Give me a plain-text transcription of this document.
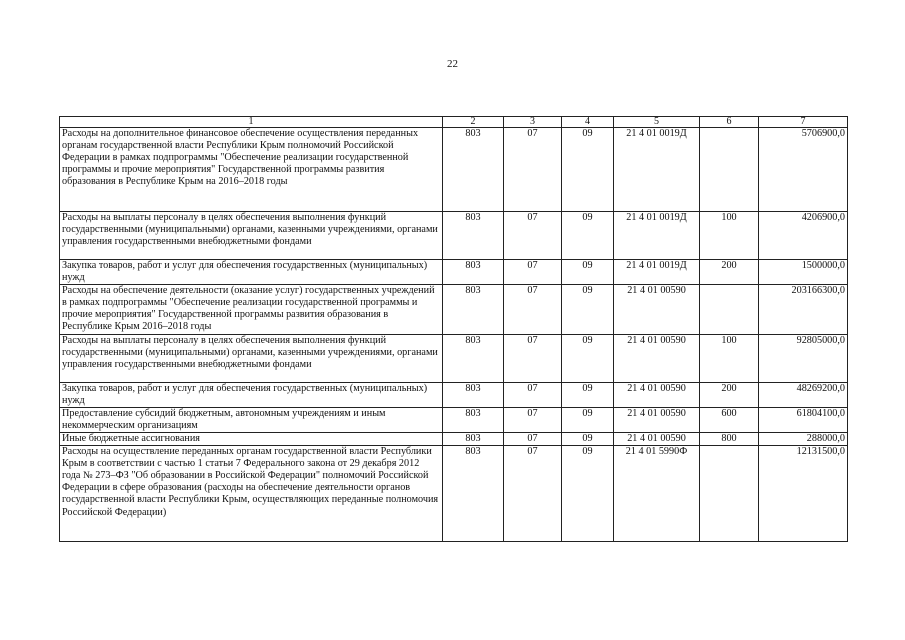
22
1	2	3	4	5	6	7
Расходы на дополнительное финансовое обеспечение осуществления переданных органам государственной власти Республики Крым полномочий Российской Федерации в рамках подпрограммы "Обеспечение реализации государственной программы и прочие мероприятия" Государственной программы развития образования в Республике Крым на 2016–2018 годы	803	07	09	21 4 01 0019Д		5706900,0
Расходы на выплаты персоналу в целях обеспечения выполнения функций государственными (муниципальными) органами, казенными учреждениями, органами управления государственными внебюджетными фондами	803	07	09	21 4 01 0019Д	100	4206900,0
Закупка товаров, работ и услуг для обеспечения государственных (муниципальных) нужд	803	07	09	21 4 01 0019Д	200	1500000,0
Расходы на обеспечение деятельности (оказание услуг) государственных учреждений в рамках подпрограммы "Обеспечение реализации государственной программы и прочие мероприятия" Государственной программы развития образования в Республике Крым 2016–2018 годы	803	07	09	21 4 01 00590		203166300,0
Расходы на выплаты персоналу в целях обеспечения выполнения функций государственными (муниципальными) органами, казенными учреждениями, органами управления государственными внебюджетными фондами	803	07	09	21 4 01 00590	100	92805000,0
Закупка товаров, работ и услуг для обеспечения государственных (муниципальных) нужд	803	07	09	21 4 01 00590	200	48269200,0
Предоставление субсидий бюджетным, автономным учреждениям и иным некоммерческим организациям	803	07	09	21 4 01 00590	600	61804100,0
Иные бюджетные ассигнования	803	07	09	21 4 01 00590	800	288000,0
Расходы на осуществление переданных органам государственной власти Республики Крым в соответствии с частью 1 статьи 7 Федерального закона от 29 декабря 2012 года № 273–ФЗ "Об образовании в Российской Федерации" полномочий Российской Федерации в сфере образования (расходы на обеспечение деятельности органов государственной власти Республики Крым, осуществляющих переданные полномочия Российской Федерации)	803	07	09	21 4 01 5990Ф		12131500,0
